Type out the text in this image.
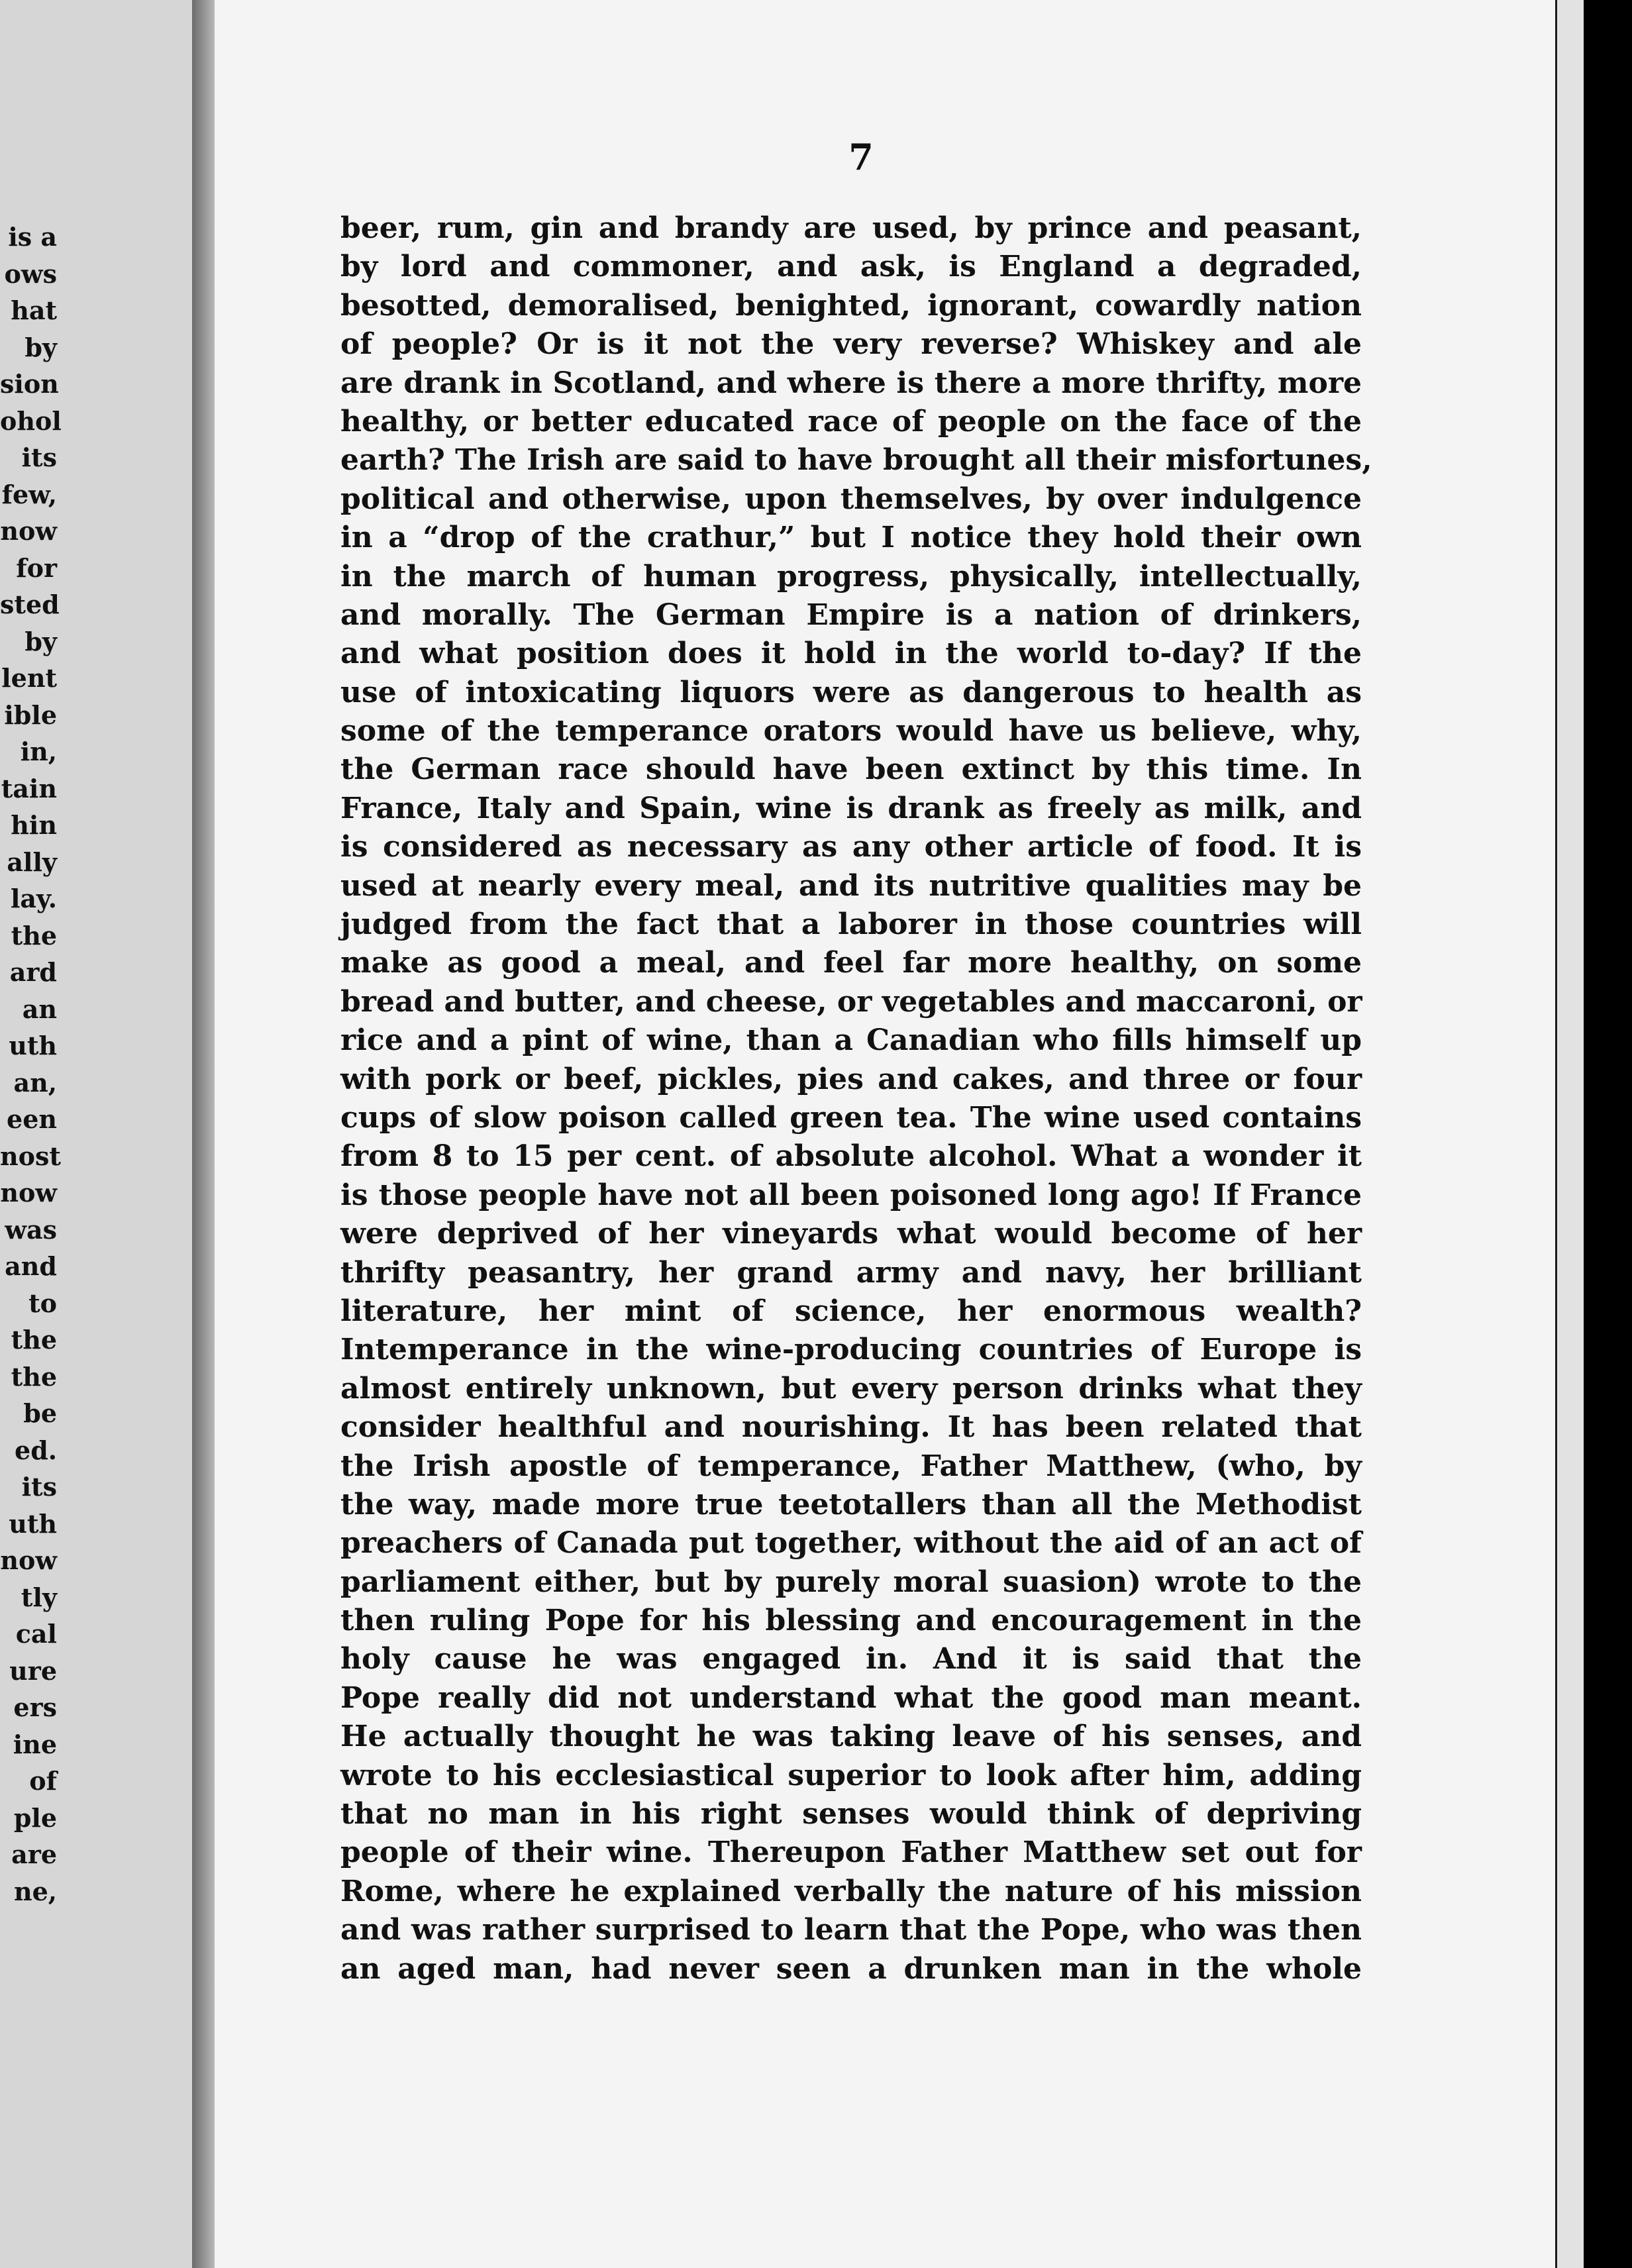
is a
ows
hat
by
sion
ohol
its
few,
now
for
sted
by
lent
ible
in,
tain
hin
ally
lay.
the
ard
an
uth
an,
een
nost
now
was
and
to
the
the
be
ed.
its
uth
now
tly
cal
ure
ers
ine
of
ple
are
ne,
7
beer, rum, gin and brandy are used, by prince and peasant,
by lord and commoner, and ask, is England a degraded,
besotted, demoralised, benighted, ignorant, cowardly nation
of people? Or is it not the very reverse? Whiskey and ale
are drank in Scotland, and where is there a more thrifty, more
healthy, or better educated race of people on the face of the
earth? The Irish are said to have brought all their misfortunes,
political and otherwise, upon themselves, by over indulgence
in a “drop of the crathur,” but I notice they hold their own
in the march of human progress, physically, intellectually,
and morally. The German Empire is a nation of drinkers,
and what position does it hold in the world to-day? If the
use of intoxicating liquors were as dangerous to health as
some of the temperance orators would have us believe, why,
the German race should have been extinct by this time. In
France, Italy and Spain, wine is drank as freely as milk, and
is considered as necessary as any other article of food. It is
used at nearly every meal, and its nutritive qualities may be
judged from the fact that a laborer in those countries will
make as good a meal, and feel far more healthy, on some
bread and butter, and cheese, or vegetables and maccaroni, or
rice and a pint of wine, than a Canadian who fills himself up
with pork or beef, pickles, pies and cakes, and three or four
cups of slow poison called green tea. The wine used contains
from 8 to 15 per cent. of absolute alcohol. What a wonder it
is those people have not all been poisoned long ago! If France
were deprived of her vineyards what would become of her
thrifty peasantry, her grand army and navy, her brilliant
literature, her mint of science, her enormous wealth?
Intemperance in the wine-producing countries of Europe is
almost entirely unknown, but every person drinks what they
consider healthful and nourishing. It has been related that
the Irish apostle of temperance, Father Matthew, (who, by
the way, made more true teetotallers than all the Methodist
preachers of Canada put together, without the aid of an act of
parliament either, but by purely moral suasion) wrote to the
then ruling Pope for his blessing and encouragement in the
holy cause he was engaged in. And it is said that the
Pope really did not understand what the good man meant.
He actually thought he was taking leave of his senses, and
wrote to his ecclesiastical superior to look after him, adding
that no man in his right senses would think of depriving
people of their wine. Thereupon Father Matthew set out for
Rome, where he explained verbally the nature of his mission
and was rather surprised to learn that the Pope, who was then
an aged man, had never seen a drunken man in the whole
